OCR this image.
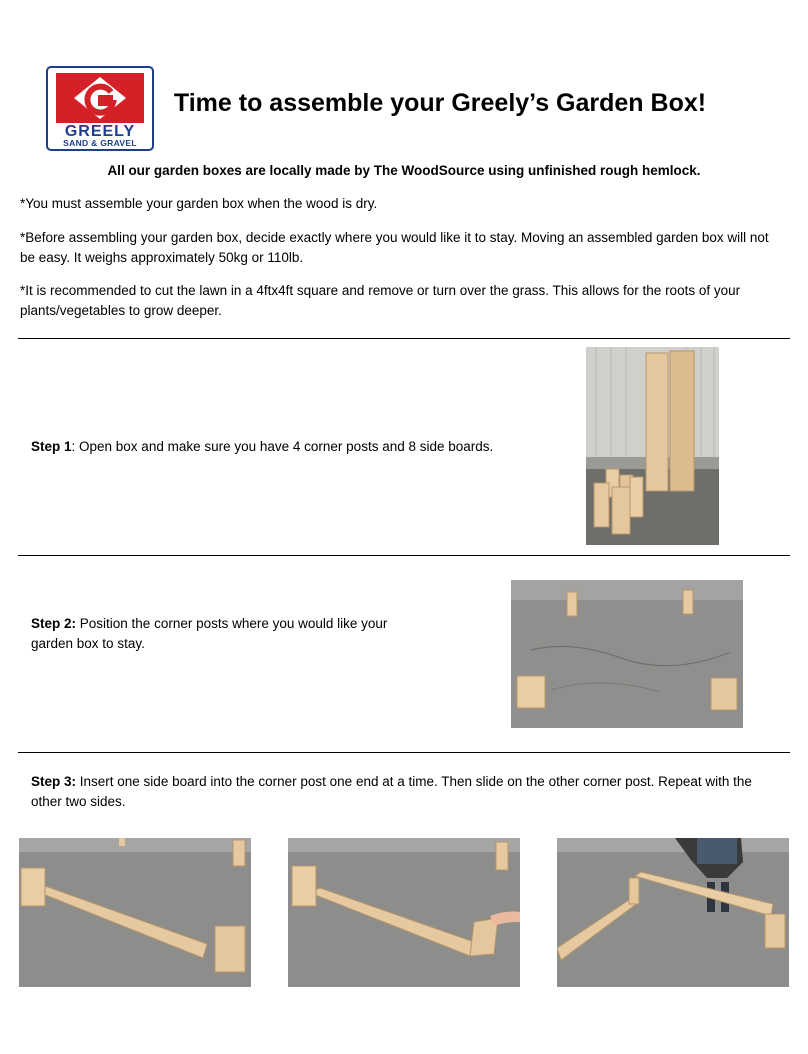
GREELY
SAND & GRAVEL
Time to assemble your Greely’s Garden Box!
All our garden boxes are locally made by The WoodSource using unfinished rough hemlock.
*You must assemble your garden box when the wood is dry.
*Before assembling your garden box, decide exactly where you would like it to stay. Moving an assembled garden box will not be easy. It weighs approximately 50kg or 110lb.
*It is recommended to cut the lawn in a 4ftx4ft square and remove or turn over the grass. This allows for the roots of your plants/vegetables to grow deeper.
Step 1: Open box and make sure you have 4 corner posts and 8 side boards.
Step 2: Position the corner posts where you would like your garden box to stay.
Step 3: Insert one side board into the corner post one end at a time. Then slide on the other corner post. Repeat with the other two sides.
